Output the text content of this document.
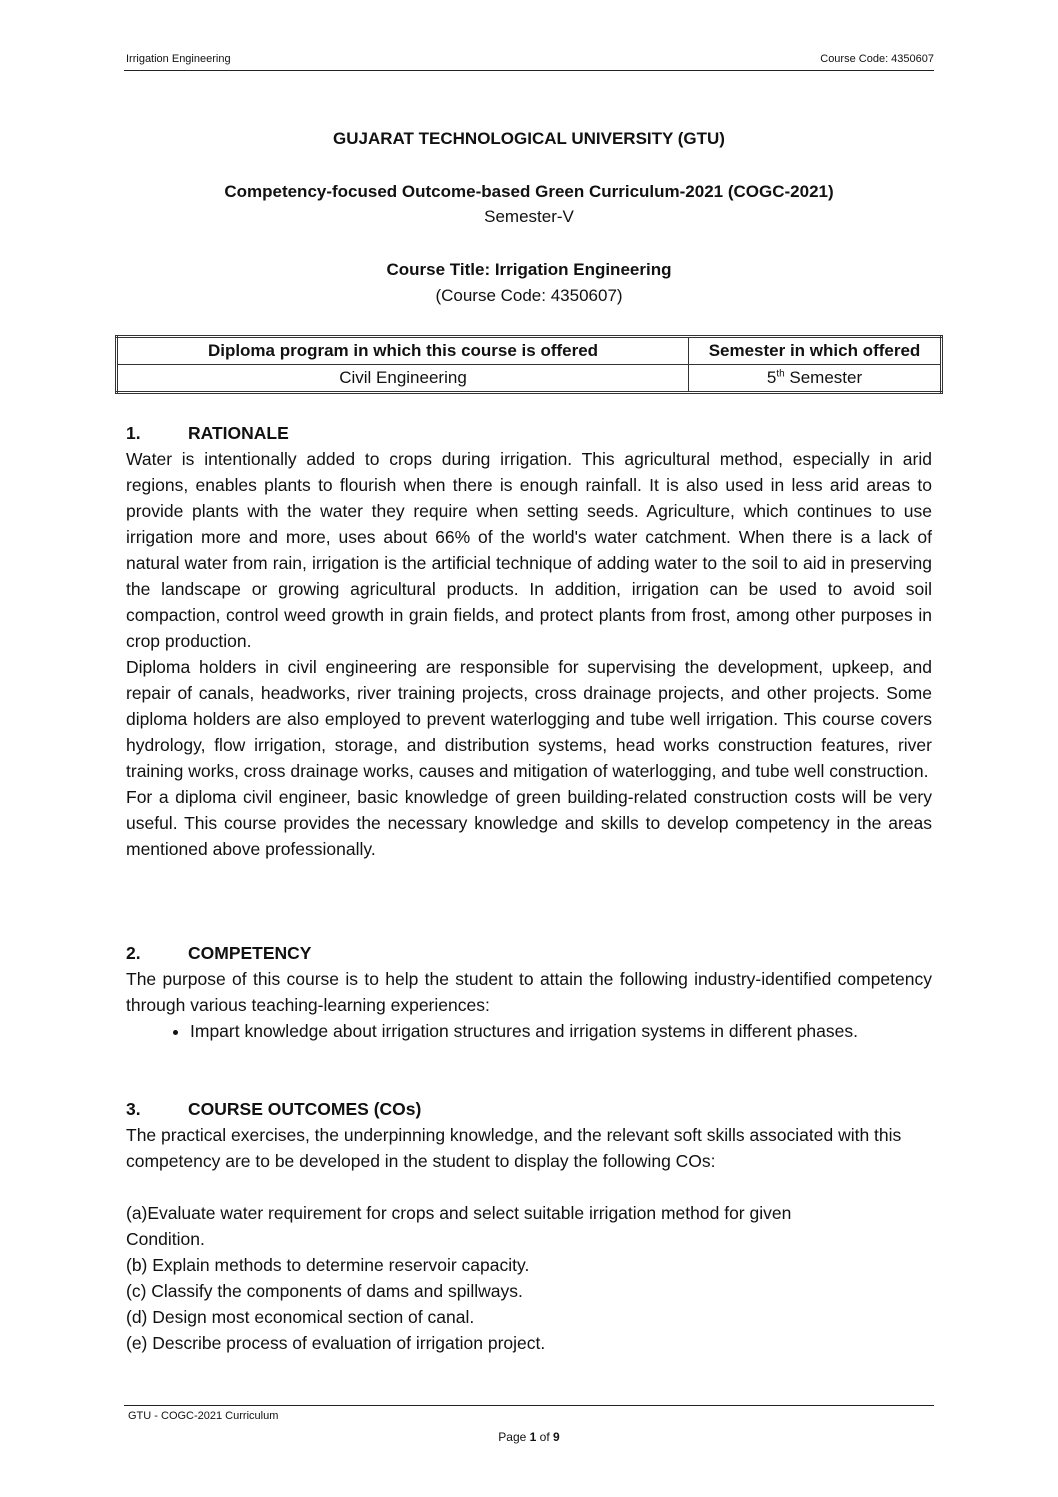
Irrigation Engineering	Course Code: 4350607
GUJARAT TECHNOLOGICAL UNIVERSITY (GTU)
Competency-focused Outcome-based Green Curriculum-2021 (COGC-2021)
Semester-V
Course Title: Irrigation Engineering
(Course Code: 4350607)
Diploma program in which this course is offered	Semester in which offered
Civil Engineering	5th Semester
1.	RATIONALE

Water is intentionally added to crops during irrigation. This agricultural method, especially in arid regions, enables plants to flourish when there is enough rainfall. It is also used in less arid areas to provide plants with the water they require when setting seeds. Agriculture, which continues to use irrigation more and more, uses about 66% of the world's water catchment. When there is a lack of natural water from rain, irrigation is the artificial technique of adding water to the soil to aid in preserving the landscape or growing agricultural products. In addition, irrigation can be used to avoid soil compaction, control weed growth in grain fields, and protect plants from frost, among other purposes in crop production.

Diploma holders in civil engineering are responsible for supervising the development, upkeep, and repair of canals, headworks, river training projects, cross drainage projects, and other projects. Some diploma holders are also employed to prevent waterlogging and tube well irrigation. This course covers hydrology, flow irrigation, storage, and distribution systems, head works construction features, river training works, cross drainage works, causes and mitigation of waterlogging, and tube well construction.

For a diploma civil engineer, basic knowledge of green building-related construction costs will be very useful. This course provides the necessary knowledge and skills to develop competency in the areas mentioned above professionally.

2.	COMPETENCY

The purpose of this course is to help the student to attain the following industry-identified competency through various teaching-learning experiences:

• Impart knowledge about irrigation structures and irrigation systems in different phases.
3.	COURSE OUTCOMES (COs)

The practical exercises, the underpinning knowledge, and the relevant soft skills associated with this competency are to be developed in the student to display the following COs:

(a)Evaluate water requirement for crops and select suitable irrigation method for given
Condition.
(b) Explain methods to determine reservoir capacity.
(c) Classify the components of dams and spillways.
(d) Design most economical section of canal.
(e) Describe process of evaluation of irrigation project.
GTU - COGC-2021 Curriculum
Page 1 of 9
